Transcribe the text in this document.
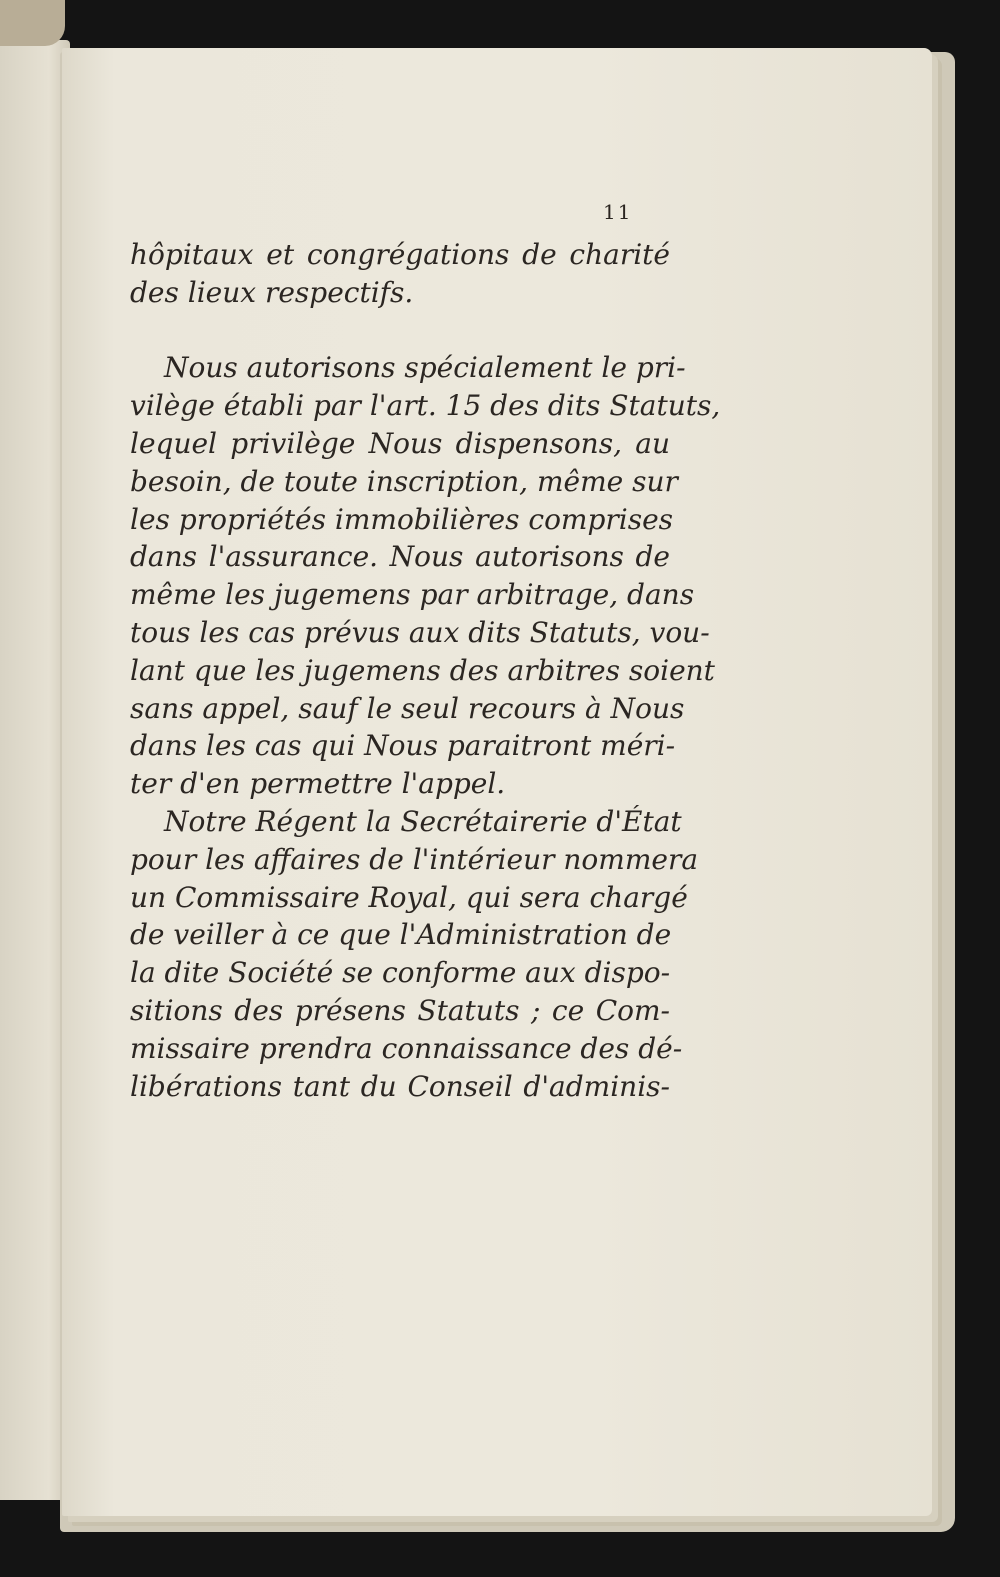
11
hôpitaux et congrégations de charité
des lieux respectifs.
Nous autorisons spécialement le pri-
vilège établi par l'art. 15 des dits Statuts,
lequel privilège Nous dispensons, au
besoin, de toute inscription, même sur
les propriétés immobilières comprises
dans l'assurance. Nous autorisons de
même les jugemens par arbitrage, dans
tous les cas prévus aux dits Statuts, vou-
lant que les jugemens des arbitres soient
sans appel, sauf le seul recours à Nous
dans les cas qui Nous paraitront méri-
ter d'en permettre l'appel.
Notre Régent la Secrétairerie d'État
pour les affaires de l'intérieur nommera
un Commissaire Royal, qui sera chargé
de veiller à ce que l'Administration de
la dite Société se conforme aux dispo-
sitions des présens Statuts ; ce Com-
missaire prendra connaissance des dé-
libérations tant du Conseil d'adminis-
